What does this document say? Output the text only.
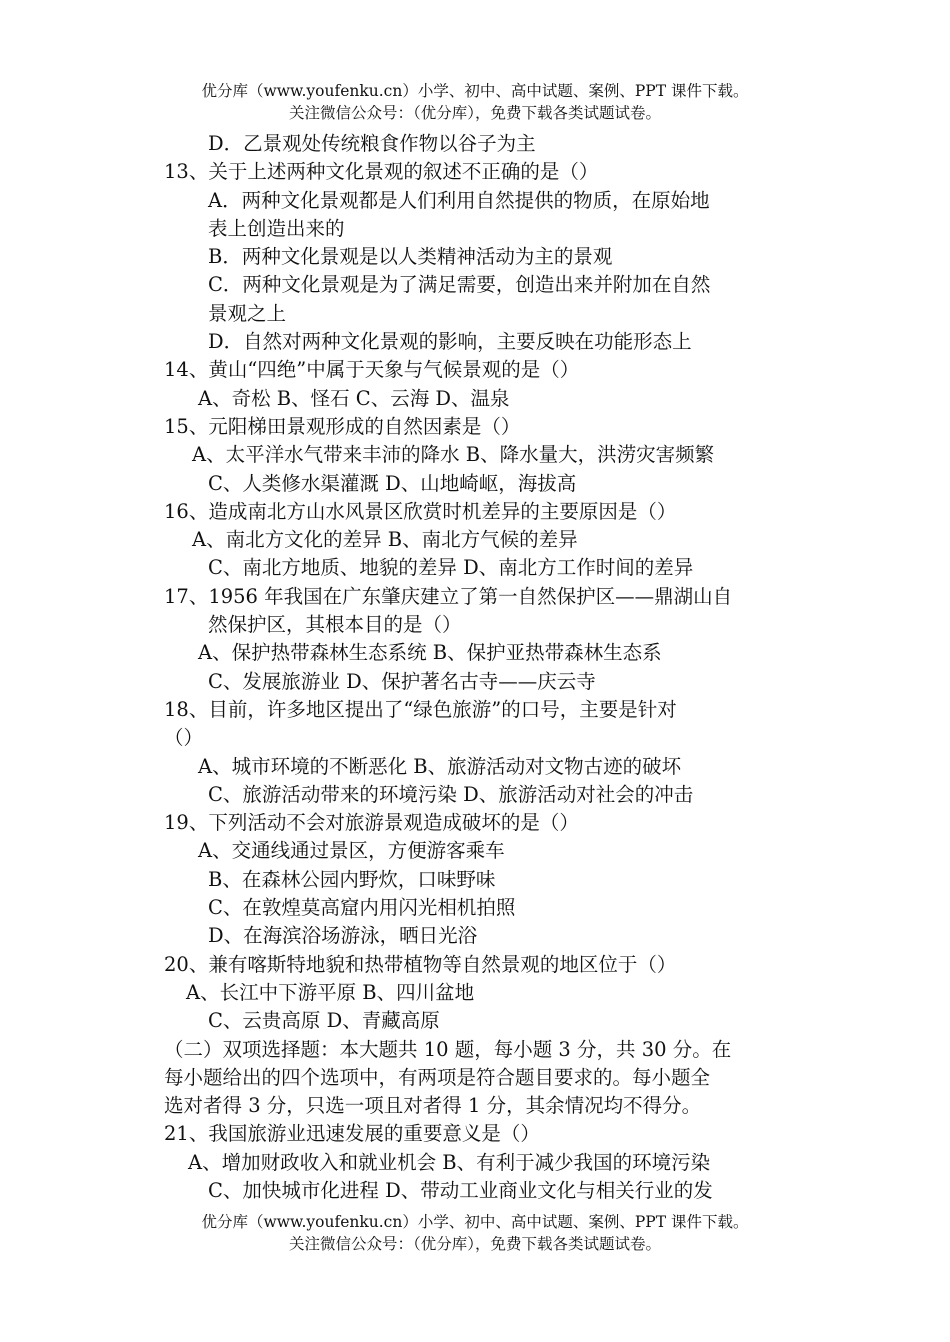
优分库（www.youfenku.cn）小学、初中、高中试题、案例、PPT 课件下载。
关注微信公众号：（优分库），免费下载各类试题试卷。
D．乙景观处传统粮食作物以谷子为主
13、关于上述两种文化景观的叙述不正确的是（）
A．两种文化景观都是人们利用自然提供的物质，在原始地
表上创造出来的
B．两种文化景观是以人类精神活动为主的景观
C．两种文化景观是为了满足需要，创造出来并附加在自然
景观之上
D．自然对两种文化景观的影响，主要反映在功能形态上
14、黄山“四绝”中属于天象与气候景观的是（）
A、奇松 B、怪石 C、云海 D、温泉
15、元阳梯田景观形成的自然因素是（）
A、太平洋水气带来丰沛的降水 B、降水量大，洪涝灾害频繁
C、人类修水渠灌溉 D、山地崎岖，海拔高
16、造成南北方山水风景区欣赏时机差异的主要原因是（）
A、南北方文化的差异 B、南北方气候的差异
C、南北方地质、地貌的差异 D、南北方工作时间的差异
17、1956 年我国在广东肇庆建立了第一自然保护区——鼎湖山自
然保护区，其根本目的是（）
A、保护热带森林生态系统 B、保护亚热带森林生态系
C、发展旅游业 D、保护著名古寺——庆云寺
18、目前，许多地区提出了“绿色旅游”的口号，主要是针对
（）
A、城市环境的不断恶化 B、旅游活动对文物古迹的破坏
C、旅游活动带来的环境污染 D、旅游活动对社会的冲击
19、下列活动不会对旅游景观造成破坏的是（）
A、交通线通过景区，方便游客乘车
B、在森林公园内野炊，口味野味
C、在敦煌莫高窟内用闪光相机拍照
D、在海滨浴场游泳，晒日光浴
20、兼有喀斯特地貌和热带植物等自然景观的地区位于（）
A、长江中下游平原 B、四川盆地
C、云贵高原 D、青藏高原
（二）双项选择题：本大题共 10 题，每小题 3 分，共 30 分。在
每小题给出的四个选项中，有两项是符合题目要求的。每小题全
选对者得 3 分，只选一项且对者得 1 分，其余情况均不得分。
21、我国旅游业迅速发展的重要意义是（）
A、增加财政收入和就业机会 B、有利于减少我国的环境污染
C、加快城市化进程 D、带动工业商业文化与相关行业的发
优分库（www.youfenku.cn）小学、初中、高中试题、案例、PPT 课件下载。
关注微信公众号：（优分库），免费下载各类试题试卷。
